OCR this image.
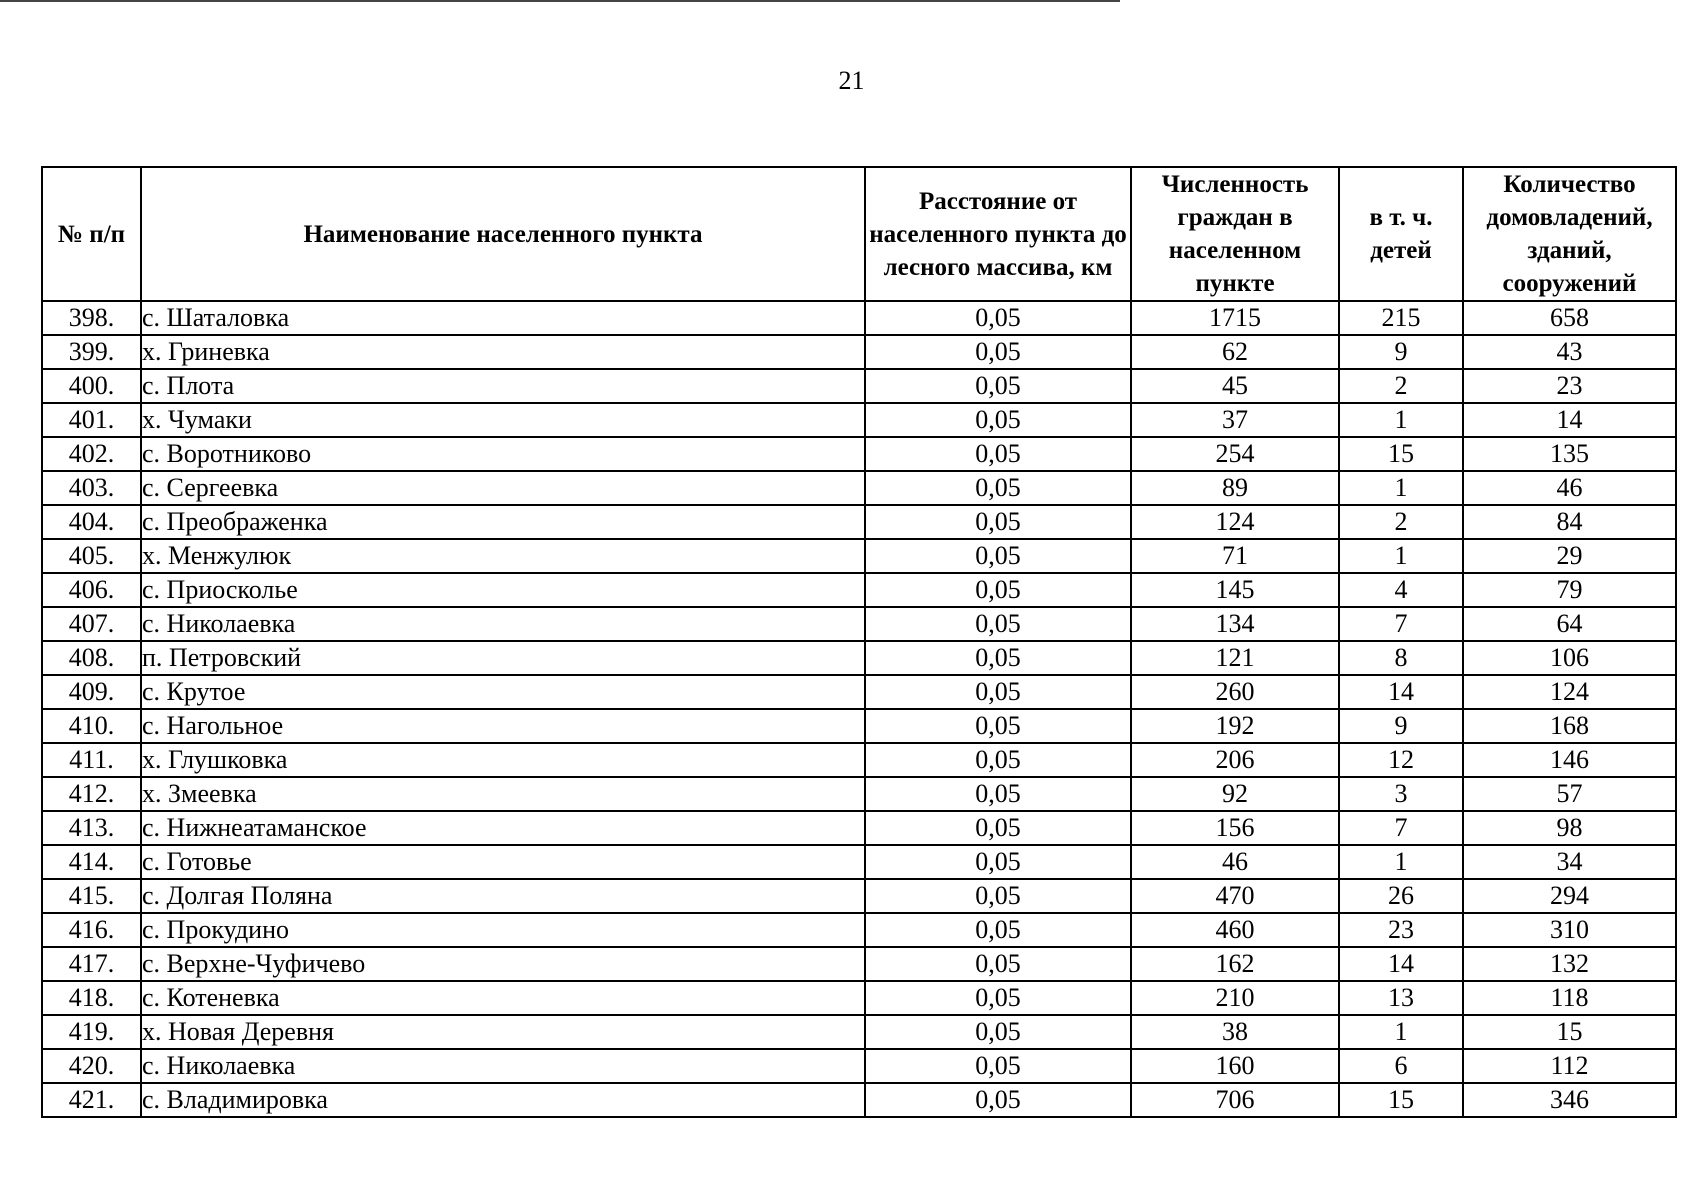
21
№ п/п	Наименование населенного пункта	Расстояние от населенного пункта до лесного массива, км	Численность граждан в населенном пункте	в т. ч. детей	Количество домовладений, зданий, сооружений
398.	с. Шаталовка	0,05	1715	215	658
399.	х. Гриневка	0,05	62	9	43
400.	с. Плота	0,05	45	2	23
401.	х. Чумаки	0,05	37	1	14
402.	с. Воротниково	0,05	254	15	135
403.	с. Сергеевка	0,05	89	1	46
404.	с. Преображенка	0,05	124	2	84
405.	х. Менжулюк	0,05	71	1	29
406.	с. Приосколье	0,05	145	4	79
407.	с. Николаевка	0,05	134	7	64
408.	п. Петровский	0,05	121	8	106
409.	с. Крутое	0,05	260	14	124
410.	с. Нагольное	0,05	192	9	168
411.	х. Глушковка	0,05	206	12	146
412.	х. Змеевка	0,05	92	3	57
413.	с. Нижнеатаманское	0,05	156	7	98
414.	с. Готовье	0,05	46	1	34
415.	с. Долгая Поляна	0,05	470	26	294
416.	с. Прокудино	0,05	460	23	310
417.	с. Верхне-Чуфичево	0,05	162	14	132
418.	с. Котеневка	0,05	210	13	118
419.	х. Новая Деревня	0,05	38	1	15
420.	с. Николаевка	0,05	160	6	112
421.	с. Владимировка	0,05	706	15	346
